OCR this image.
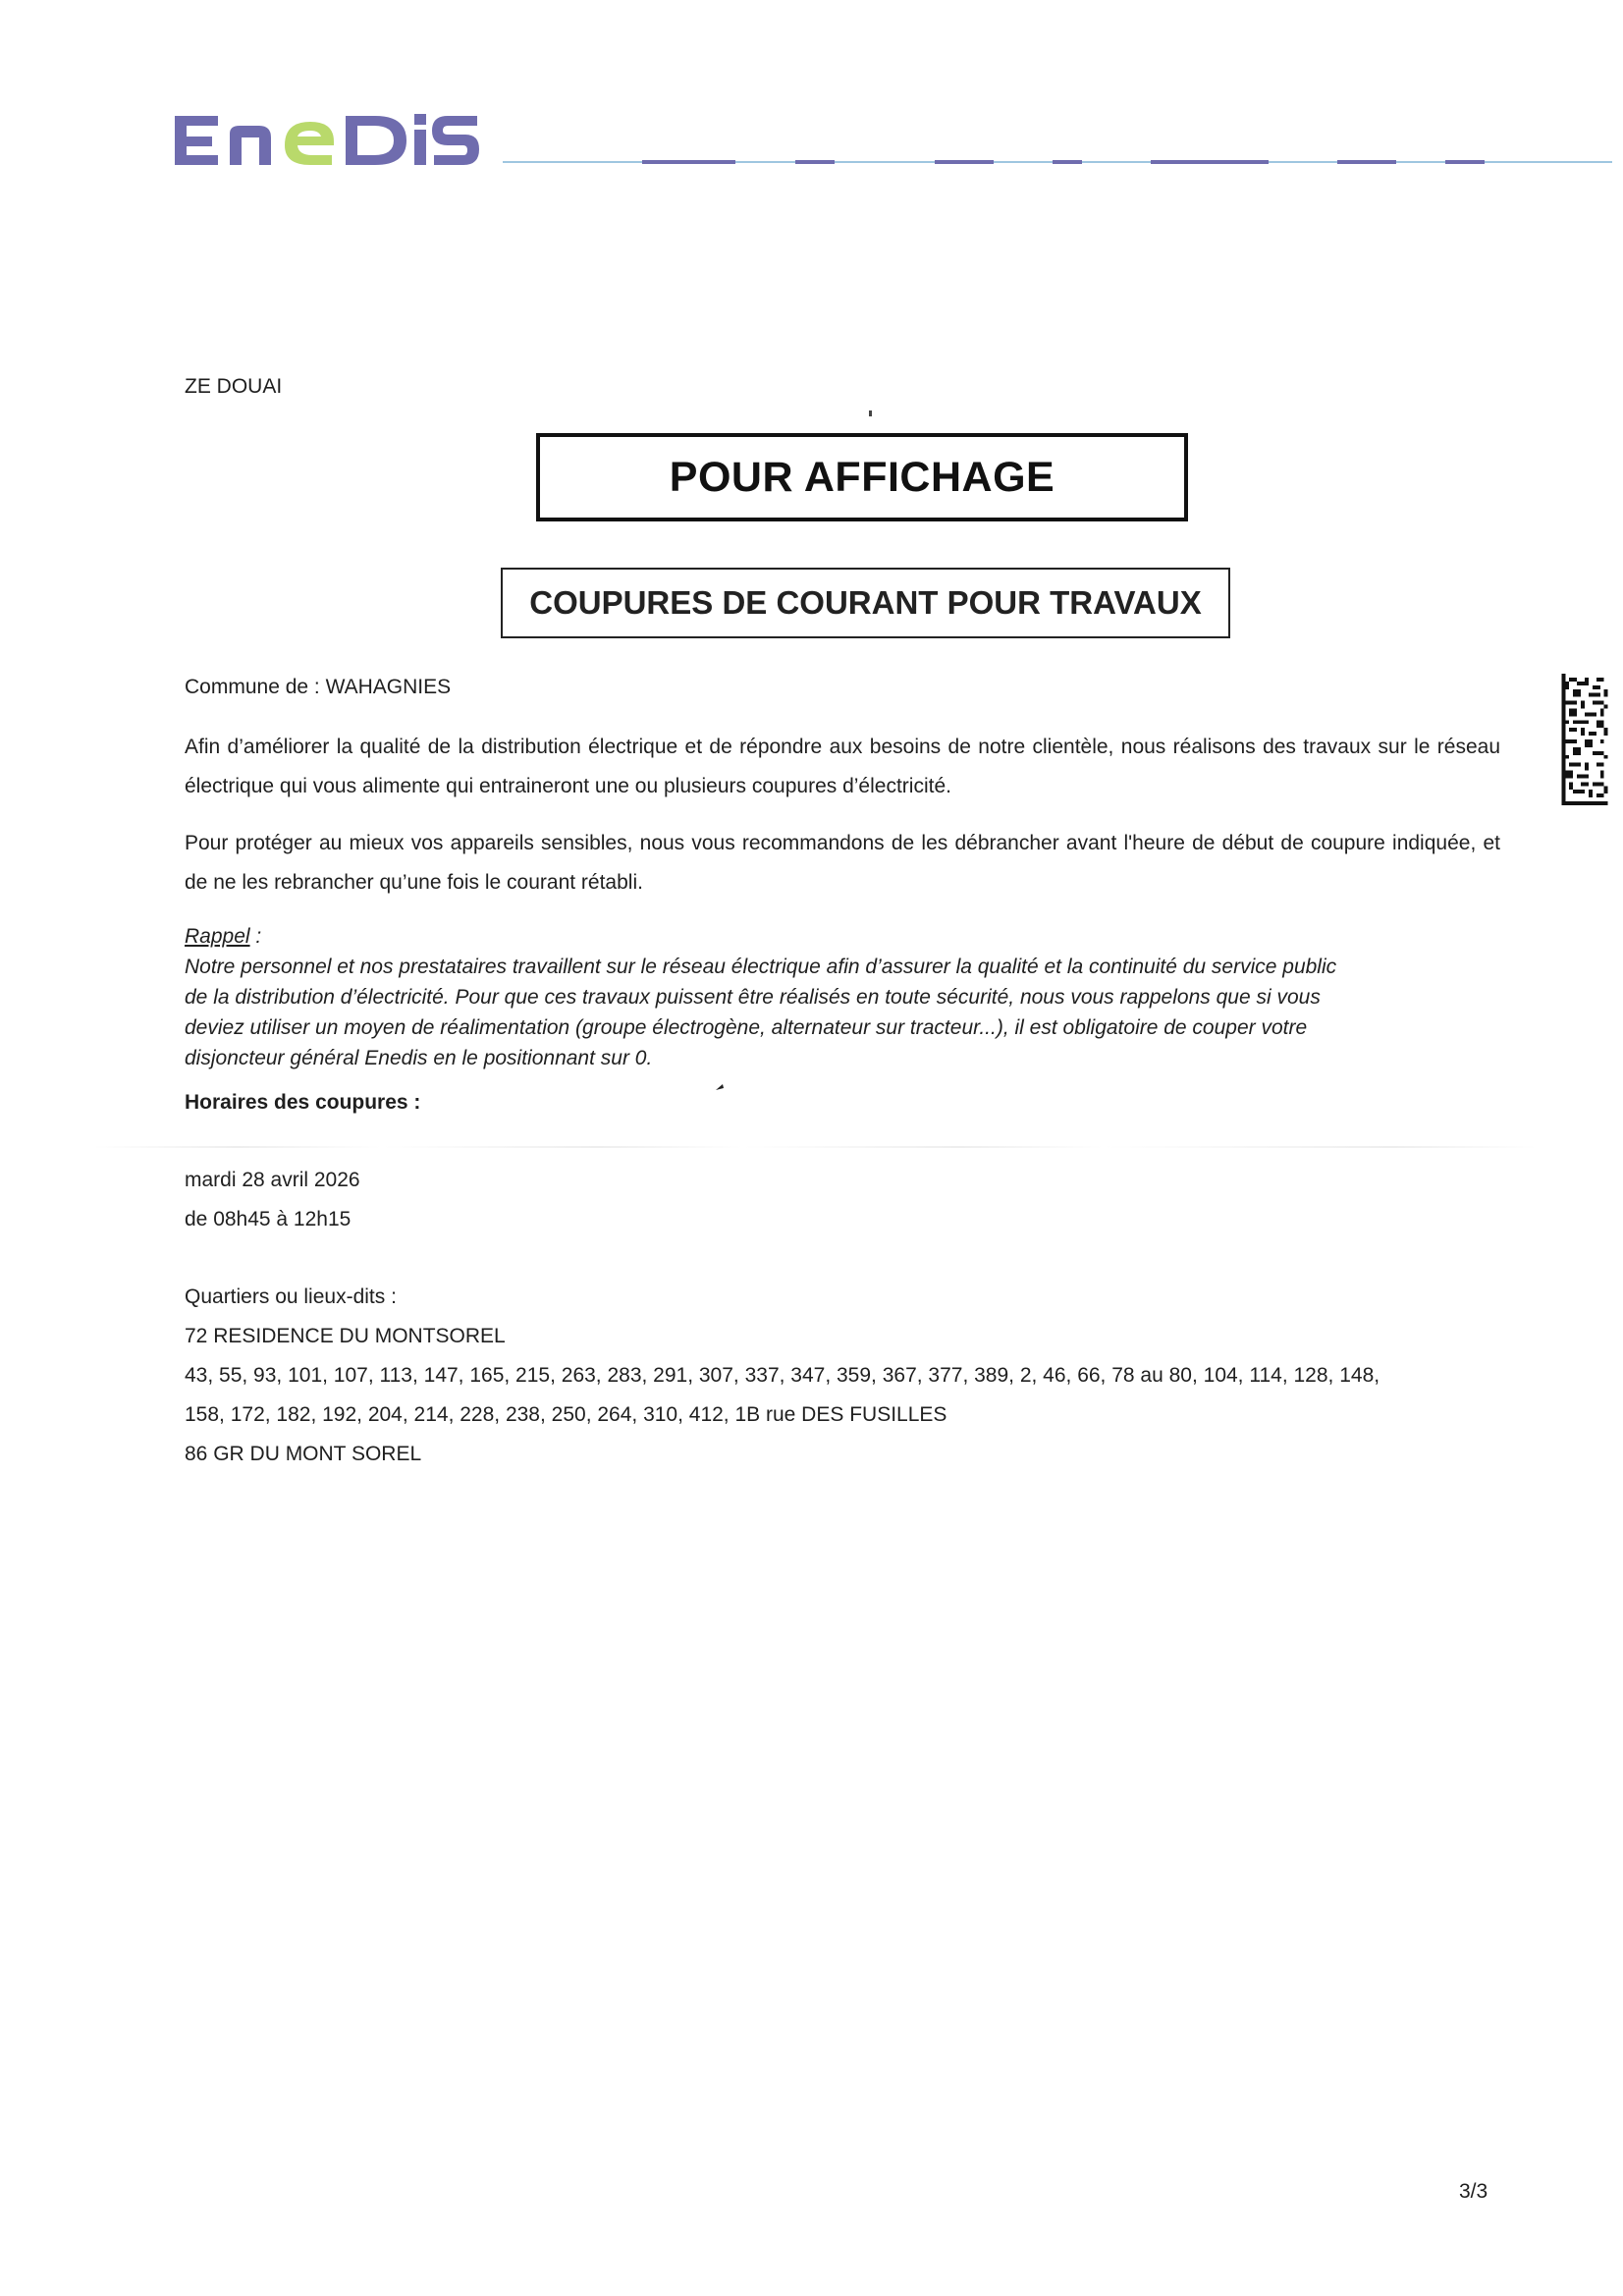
ZE DOUAI
POUR AFFICHAGE
COUPURES DE COURANT POUR TRAVAUX
Commune de : WAHAGNIES
Afin d’améliorer la qualité de la distribution électrique et de répondre aux besoins de notre clientèle, nous réalisons des travaux sur le réseau électrique qui vous alimente qui entraineront une ou plusieurs coupures d’électricité.
Pour protéger au mieux vos appareils sensibles, nous vous recommandons de les débrancher avant l'heure de début de coupure indiquée, et de ne les rebrancher qu’une fois le courant rétabli.
Rappel :
Notre personnel et nos prestataires travaillent sur le réseau électrique afin d’assurer la qualité et la continuité du service public
de la distribution d’électricité. Pour que ces travaux puissent être réalisés en toute sécurité, nous vous rappelons que si vous
deviez utiliser un moyen de réalimentation (groupe électrogène, alternateur sur tracteur...), il est obligatoire de couper votre
disjoncteur général Enedis en le positionnant sur 0.
Horaires des coupures :
mardi 28 avril 2026
de 08h45 à 12h15
Quartiers ou lieux-dits :
72 RESIDENCE DU MONTSOREL
43, 55, 93, 101, 107, 113, 147, 165, 215, 263, 283, 291, 307, 337, 347, 359, 367, 377, 389, 2, 46, 66, 78 au 80, 104, 114, 128, 148,
158, 172, 182, 192, 204, 214, 228, 238, 250, 264, 310, 412, 1B rue DES FUSILLES
86 GR DU MONT SOREL
3/3
